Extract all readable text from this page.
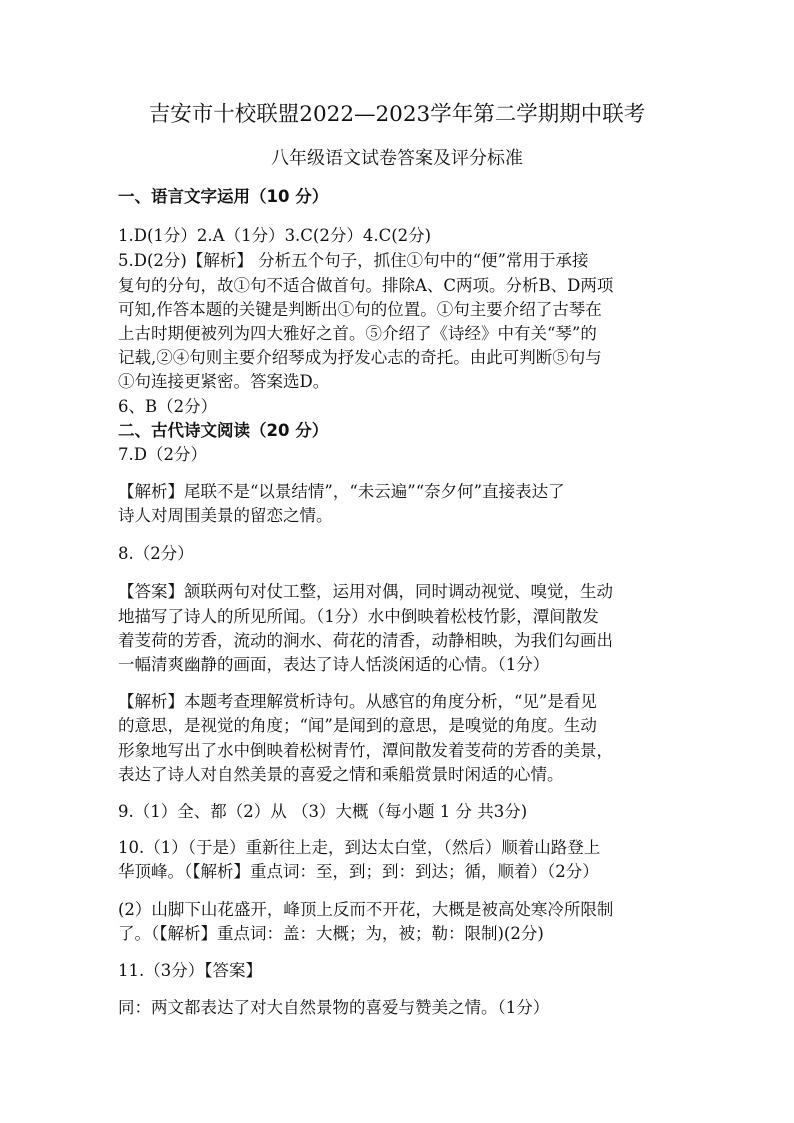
吉安市十校联盟2022—2023学年第二学期期中联考
八年级语文试卷答案及评分标准
一、语言文字运用（10 分）
1.D(1分）2.A（1分）3.C(2分）4.C(2分)
5.D(2分)【解析】 分析五个句子，抓住①句中的“便”常用于承接
复句的分句，故①句不适合做首句。排除A、C两项。分析B、D两项
可知,作答本题的关键是判断出①句的位置。①句主要介绍了古琴在
上古时期便被列为四大雅好之首。⑤介绍了《诗经》中有关“琴”的
记载,②④句则主要介绍琴成为抒发心志的奇托。由此可判断⑤句与
①句连接更紧密。答案选D。
6、B（2分）
二、古代诗文阅读（20 分）
7.D（2分）
【解析】尾联不是“以景结情”，“未云遍”“奈夕何”直接表达了
诗人对周围美景的留恋之情。
8.（2分）
【答案】颔联两句对仗工整，运用对偶，同时调动视觉、嗅觉，生动
地描写了诗人的所见所闻。（1分）水中倒映着松枝竹影，潭间散发
着芰荷的芳香，流动的涧水、荷花的清香，动静相映，为我们勾画出
一幅清爽幽静的画面，表达了诗人恬淡闲适的心情。（1分）
【解析】本题考查理解赏析诗句。从感官的角度分析，“见”是看见
的意思，是视觉的角度；“闻”是闻到的意思，是嗅觉的角度。生动
形象地写出了水中倒映着松树青竹，潭间散发着芰荷的芳香的美景，
表达了诗人对自然美景的喜爱之情和乘船赏景时闲适的心情。
9.（1）全、都（2）从 （3）大概（每小题 1 分 共3分)
10.（1）（于是）重新往上走，到达太白堂，（然后）顺着山路登上
华顶峰。（【解析】重点词：至，到；到：到达；循，顺着）（2分）
(2）山脚下山花盛开，峰顶上反而不开花，大概是被高处寒冷所限制
了。（【解析】重点词：盖：大概；为，被；勒：限制)(2分)
11.（3分）【答案】
同：两文都表达了对大自然景物的喜爱与赞美之情。（1分）
